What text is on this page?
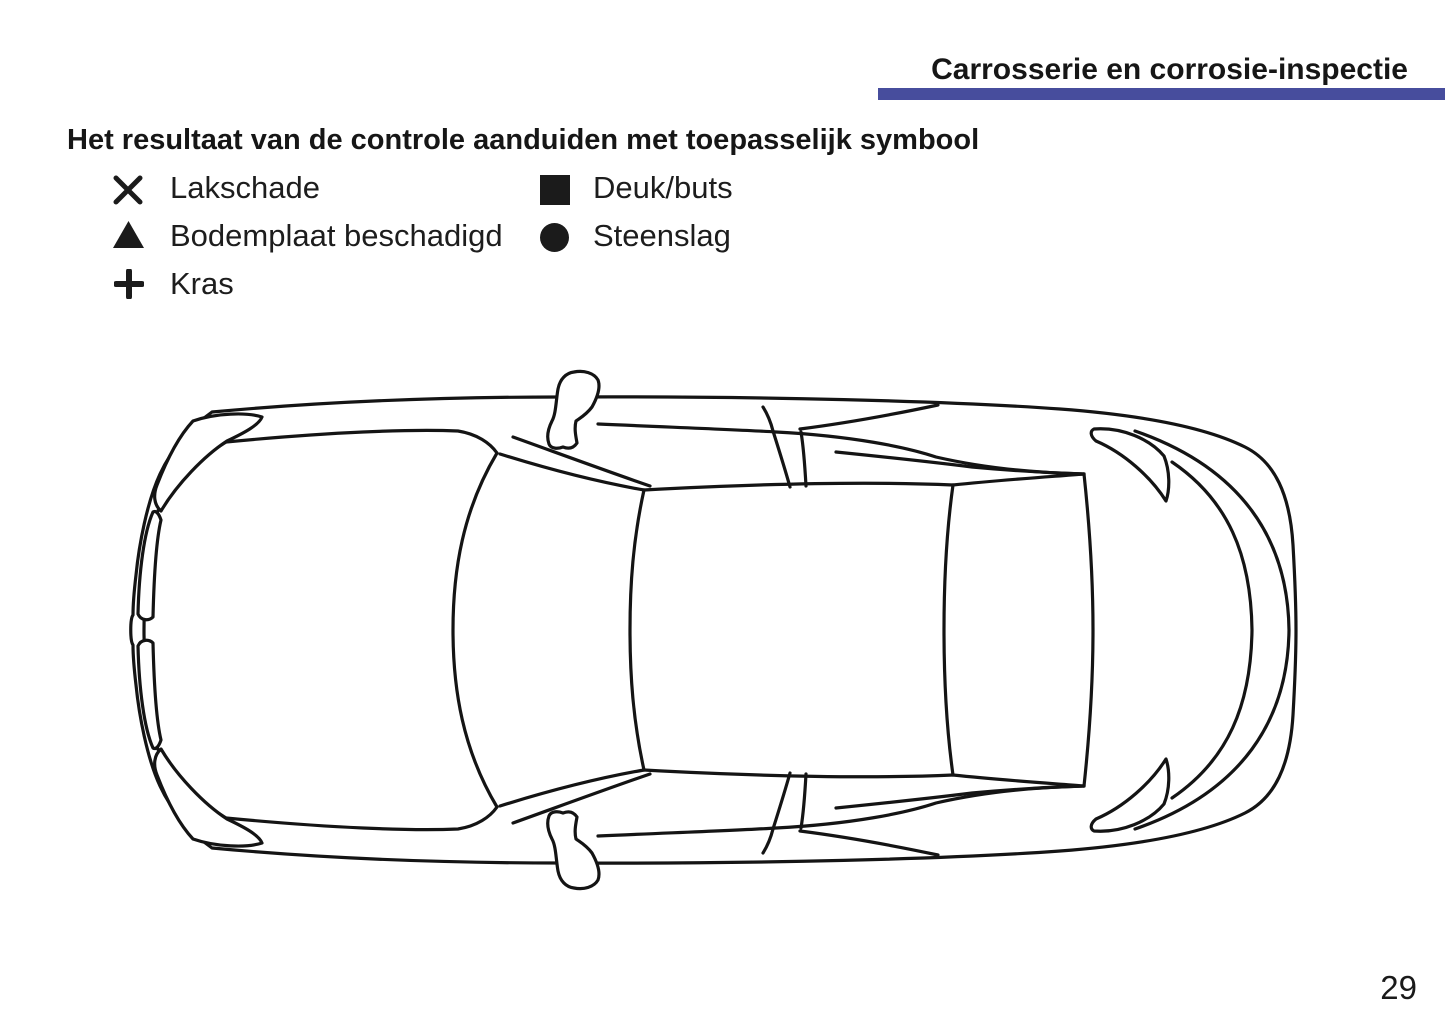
Carrosserie en corrosie-inspectie
Het resultaat van de controle aanduiden met toepasselijk symbool
Lakschade
Bodemplaat beschadigd
Kras
Deuk/buts
Steenslag
29
